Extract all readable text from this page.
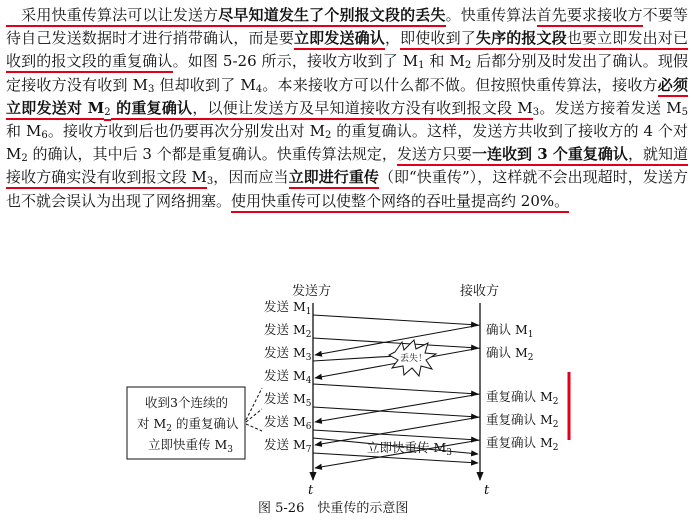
　采用快重传算法可以让发送方尽早知道发生了个别报文段的丢失。快重传算法首先要求接收方不要等待自己发送数据时才进行捎带确认，而是要立即发送确认，即使收到了失序的报文段也要立即发出对已收到的报文段的重复确认。如图 5-26 所示，接收方收到了 $M_1$ 和 $M_2$ 后都分别及时发出了确认。现假定接收方没有收到 $M_3$ 但却收到了 $M_4$。本来接收方可以什么都不做。但按照快重传算法，接收方必须立即发送对 $M_2$ 的重复确认，以便让发送方及早知道接收方没有收到报文段 $M_3$。发送方接着发送 $M_5$ 和 $M_6$。接收方收到后也仍要再次分别发出对 $M_2$ 的重复确认。这样，发送方共收到了接收方的 4 个对 $M_2$ 的确认，其中后 3 个都是重复确认。快重传算法规定，发送方只要一连收到 3 个重复确认，就知道接收方确实没有收到报文段 $M_3$，因而应当立即进行重传（即“快重传”），这样就不会出现超时，发送方也不就会误认为出现了网络拥塞。使用快重传可以使整个网络的吞吐量提高约 20%。

发送方	接收方
t	t
发送 $M_1$
发送 $M_2$
发送 $M_3$
发送 $M_4$
发送 $M_5$
发送 $M_6$
发送 $M_7$
确认 $M_1$
确认 $M_2$
重复确认 $M_2$
重复确认 $M_2$
重复确认 $M_2$
丢失！
收到3个连续的
对 $M_2$ 的重复确认
立即快重传 $M_3$	立即快重传 $M_3$
图 5-26　快重传的示意图
